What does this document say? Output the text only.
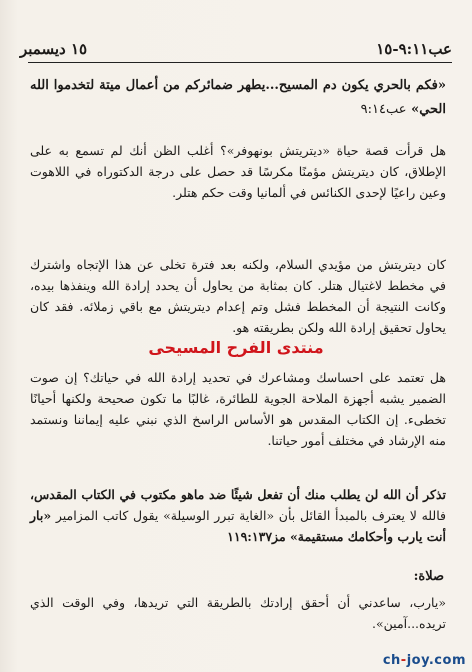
عب٩:١١-١٥
١٥ ديسمبر
«فكم بالحري يكون دم المسيح...يطهر ضمائركم من أعمال ميتة لتخدموا الله الحي» عب٩:١٤
هل قرأت قصة حياة «ديتريتش بونهوفر»؟ أغلب الظن أنك لم تسمع به على الإطلاق، كان ديتريتش مؤمنًا مكرسًا قد حصل على درجة الدكتوراه في اللاهوت وعين راعيًا لإحدى الكنائس في ألمانيا وقت حكم هتلر.
كان ديتريتش من مؤيدي السلام، ولكنه بعد فترة تخلى عن هذا الإتجاه واشترك في مخطط لاغتيال هتلر. كان بمثابة من يحاول أن يحدد إرادة الله وينفذها بيده، وكانت النتيجة أن المخطط فشل وتم إعدام ديتريتش مع باقي زملائه. فقد كان يحاول تحقيق إرادة الله ولكن بطريقته هو.
منتدى الفرح المسيحى
هل تعتمد على احساسك ومشاعرك في تحديد إرادة الله في حياتك؟ إن صوت الضمير يشبه أجهزة الملاحة الجوية للطائرة، غالبًا ما تكون صحيحة ولكنها أحيانًا تخطىء. إن الكتاب المقدس هو الأساس الراسخ الذي نبني عليه إيماننا ونستمد منه الإرشاد في مختلف أمور حياتنا.
تذكر أن الله لن يطلب منك أن تفعل شيئًا ضد ماهو مكتوب في الكتاب المقدس، فالله لا يعترف بالمبدأ القائل بأن «الغاية تبرر الوسيلة» يقول كاتب المزامير «بار أنت يارب وأحكامك مستقيمة» مز١١٩:١٣٧
صلاة:
«يارب، ساعدني أن أحقق إرادتك بالطريقة التي تريدها، وفي الوقت الذي تريده...آمين».
ch-joy.com
